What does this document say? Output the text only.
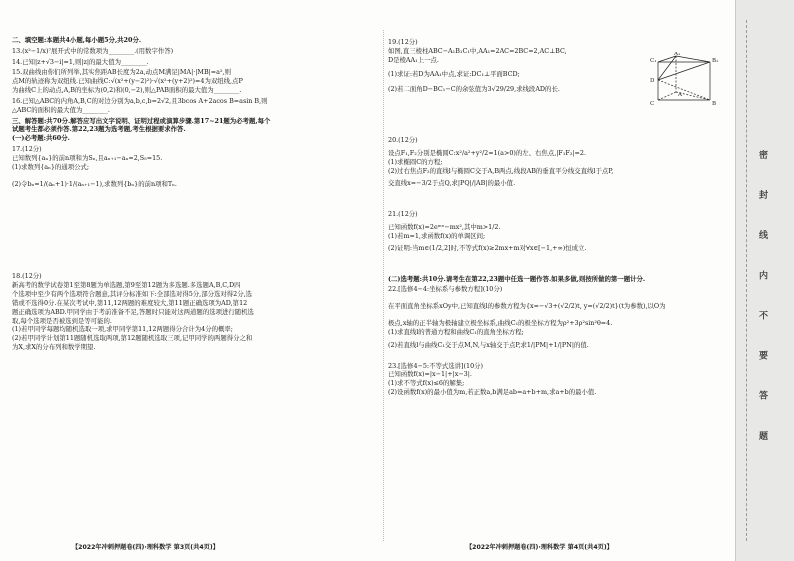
二、填空题:本题共4小题,每小题5分,共20分.
13.(x²−1/x)⁷展开式中的常数项为________.(用数字作答)
14.已知|z+√3−i|=1,则|z|的最大值为________.
15.双曲线由你们所列举,其实焦距AB长度为2a,动点M满足|MA|·|MB|=a²,则
点M的轨迹称为双纽线.已知曲线C:√(x²+(y−2)²)·√(x²+(y+2)²)=4为双纽线,点P
为曲线C上的动点,A,B的坐标为(0,2)和(0,−2),则△PAB面积的最大值为________.
16.已知△ABC的内角A,B,C的对边分别为a,b,c,b=2√2,且3bcos A+2acos B=asin B,则
△ABC的面积的最大值为________.
三、解答题:共70分.解答应写出文字说明、证明过程或演算步骤.第17~21题为必考题,每个
试题考生都必须作答.第22,23题为选考题,考生根据要求作答.
(一)必考题:共60分.
17.(12分)
已知数列{aₙ}的前n项和为Sₙ,且aₙ₊₁−aₙ=2,S₅=15.
(1)求数列{aₙ}的通项公式;
(2)令bₙ=1/(aₙ+1)·1/(aₙ₊₁−1),求数列{bₙ}的前n项和Tₙ.
18.(12分)
新高考的数学试卷第1至第8题为单选题,第9至第12题为多选题.多选题A,B,C,D四
个选项中至少有两个选项符合题意,其评分标准如下:全部选对得5分,部分选对得2分,选
错或不选得0分.在某次考试中,第11,12两题的难度较大,第11题正确选项为AD,第12
题正确选项为ABD.甲同学由于考前准备不足,答题时只能对这两道题的选项进行随机选
取,每个选项是否被选到是等可能的.
(1)若甲同学每题均随机选取一项,求甲同学第11,12两题得分合计为4分的概率;
(2)若甲同学计划第11题随机选取两项,第12题随机选取三项,记甲同学的两题得分之和
为X,求X的分布列和数学期望.
19.(12分)
如图,直三棱柱ABC−A₁B₁C₁中,AA₁=2AC=2BC=2,AC⊥BC,
D是棱AA₁上一点.
(1)求证:若D为AA₁中点,求证:DC₁⊥平面BCD;
(2)若二面角D−BC₁−C的余弦值为3√29/29,求线段AD的长.
20.(12分)
设点F₁,F₂分别是椭圆C:x²/a²+y²/2=1(a>0)的左、右焦点,|F₁F₂|=2.
(1)求椭圆C的方程;
(2)过右焦点F₂的直线l与椭圆C交于A,B两点,线段AB的垂直平分线交直线l于点P,
交直线x=−3/2于点Q,求|PQ|/|AB|的最小值.
21.(12分)
已知函数f(x)=2eᵐˣ−mx²,其中m>1/2.
(1)若m=1,求函数f(x)的单调区间;
(2)证明:当m∈(1/2,2]时,不等式f(x)≥2mx+m对∀x∈[−1,+∞)恒成立.
(二)选考题:共10分.请考生在第22,23题中任选一题作答.如果多做,则按所做的第一题计分.
22.[选修4−4:坐标系与参数方程](10分)
在平面直角坐标系xOy中,已知直线l的参数方程为{x=−√3+(√2/2)t, y=(√2/2)t}(t为参数),以O为
极点,x轴的正半轴为极轴建立极坐标系,曲线C₁的极坐标方程为ρ²+3ρ²sin²θ=4.
(1)求直线l的普通方程和曲线C₁的直角坐标方程;
(2)若直线l与曲线C₁交于点M,N,与x轴交于点P,求1/|PM|+1/|PN|的值.
23.[选修4−5:不等式选讲](10分)
已知函数f(x)=|x−1|+|x−3|.
(1)求不等式f(x)≤6的解集;
(2)设函数f(x)的最小值为m,若正数a,b满足ab=a+b+m,求a+b的最小值.
C₁	B₁
A₁
D
C	B
A
密 封 线 内 不 要 答 题
【2022年冲刺押题卷(四)·理科数学 第3页(共4页)】	【2022年冲刺押题卷(四)·理科数学 第4页(共4页)】
